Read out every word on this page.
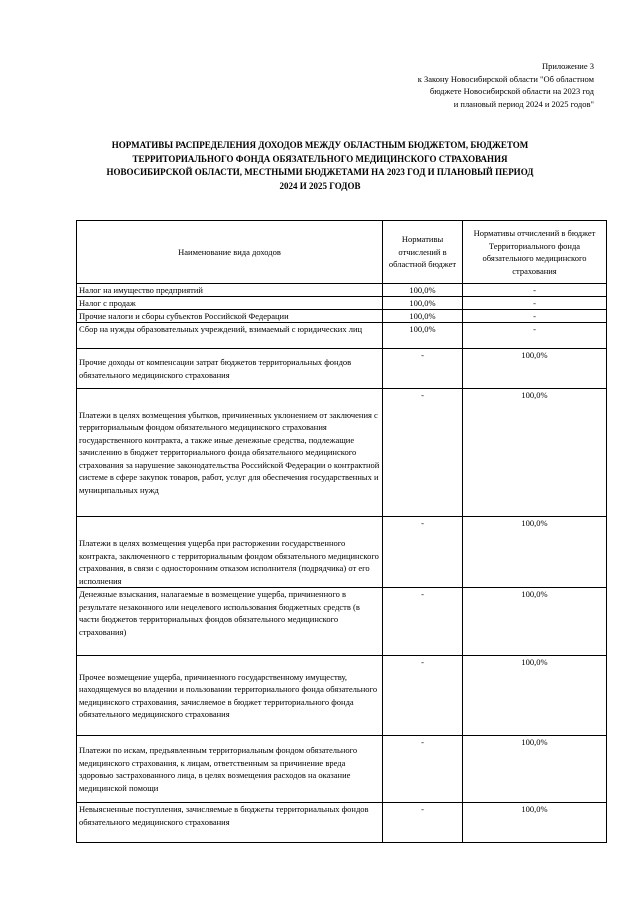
Приложение 3
к Закону Новосибирской области "Об областном
бюджете Новосибирской области на 2023 год
и плановый период 2024 и 2025 годов"
НОРМАТИВЫ РАСПРЕДЕЛЕНИЯ ДОХОДОВ МЕЖДУ ОБЛАСТНЫМ БЮДЖЕТОМ, БЮДЖЕТОМ ТЕРРИТОРИАЛЬНОГО ФОНДА ОБЯЗАТЕЛЬНОГО МЕДИЦИНСКОГО СТРАХОВАНИЯ НОВОСИБИРСКОЙ ОБЛАСТИ, МЕСТНЫМИ БЮДЖЕТАМИ НА 2023 ГОД И ПЛАНОВЫЙ ПЕРИОД 2024 И 2025 ГОДОВ
Наименование вида доходов	Нормативы отчислений в областной бюджет	Нормативы отчислений в бюджет Территориального фонда обязательного медицинского страхования
Налог на имущество предприятий	100,0%	-
Налог с продаж	100,0%	-
Прочие налоги и сборы субъектов Российской Федерации	100,0%	-
Сбор на нужды образовательных учреждений, взимаемый с юридических лиц	100,0%	-
Прочие доходы от компенсации затрат бюджетов территориальных фондов обязательного медицинского страхования	-	100,0%
Платежи в целях возмещения убытков, причиненных уклонением от заключения с территориальным фондом обязательного медицинского страхования государственного контракта, а также иные денежные средства, подлежащие зачислению в бюджет территориального фонда обязательного медицинского страхования за нарушение законодательства Российской Федерации о контрактной системе в сфере закупок товаров, работ, услуг для обеспечения государственных и муниципальных нужд	-	100,0%
Платежи в целях возмещения ущерба при расторжении государственного контракта, заключенного с территориальным фондом обязательного медицинского страхования, в связи с односторонним отказом исполнителя (подрядчика) от его исполнения	-	100,0%
Денежные взыскания, налагаемые в возмещение ущерба, причиненного в результате незаконного или нецелевого использования бюджетных средств (в части бюджетов территориальных фондов обязательного медицинского страхования)	-	100,0%
Прочее возмещение ущерба, причиненного государственному имуществу, находящемуся во владении и пользовании территориального фонда обязательного медицинского страхования, зачисляемое в бюджет территориального фонда обязательного медицинского страхования	-	100,0%
Платежи по искам, предъявленным территориальным фондом обязательного медицинского страхования, к лицам, ответственным за причинение вреда здоровью застрахованного лица, в целях возмещения расходов на оказание медицинской помощи	-	100,0%
Невыясненные поступления, зачисляемые в бюджеты территориальных фондов обязательного медицинского страхования	-	100,0%
